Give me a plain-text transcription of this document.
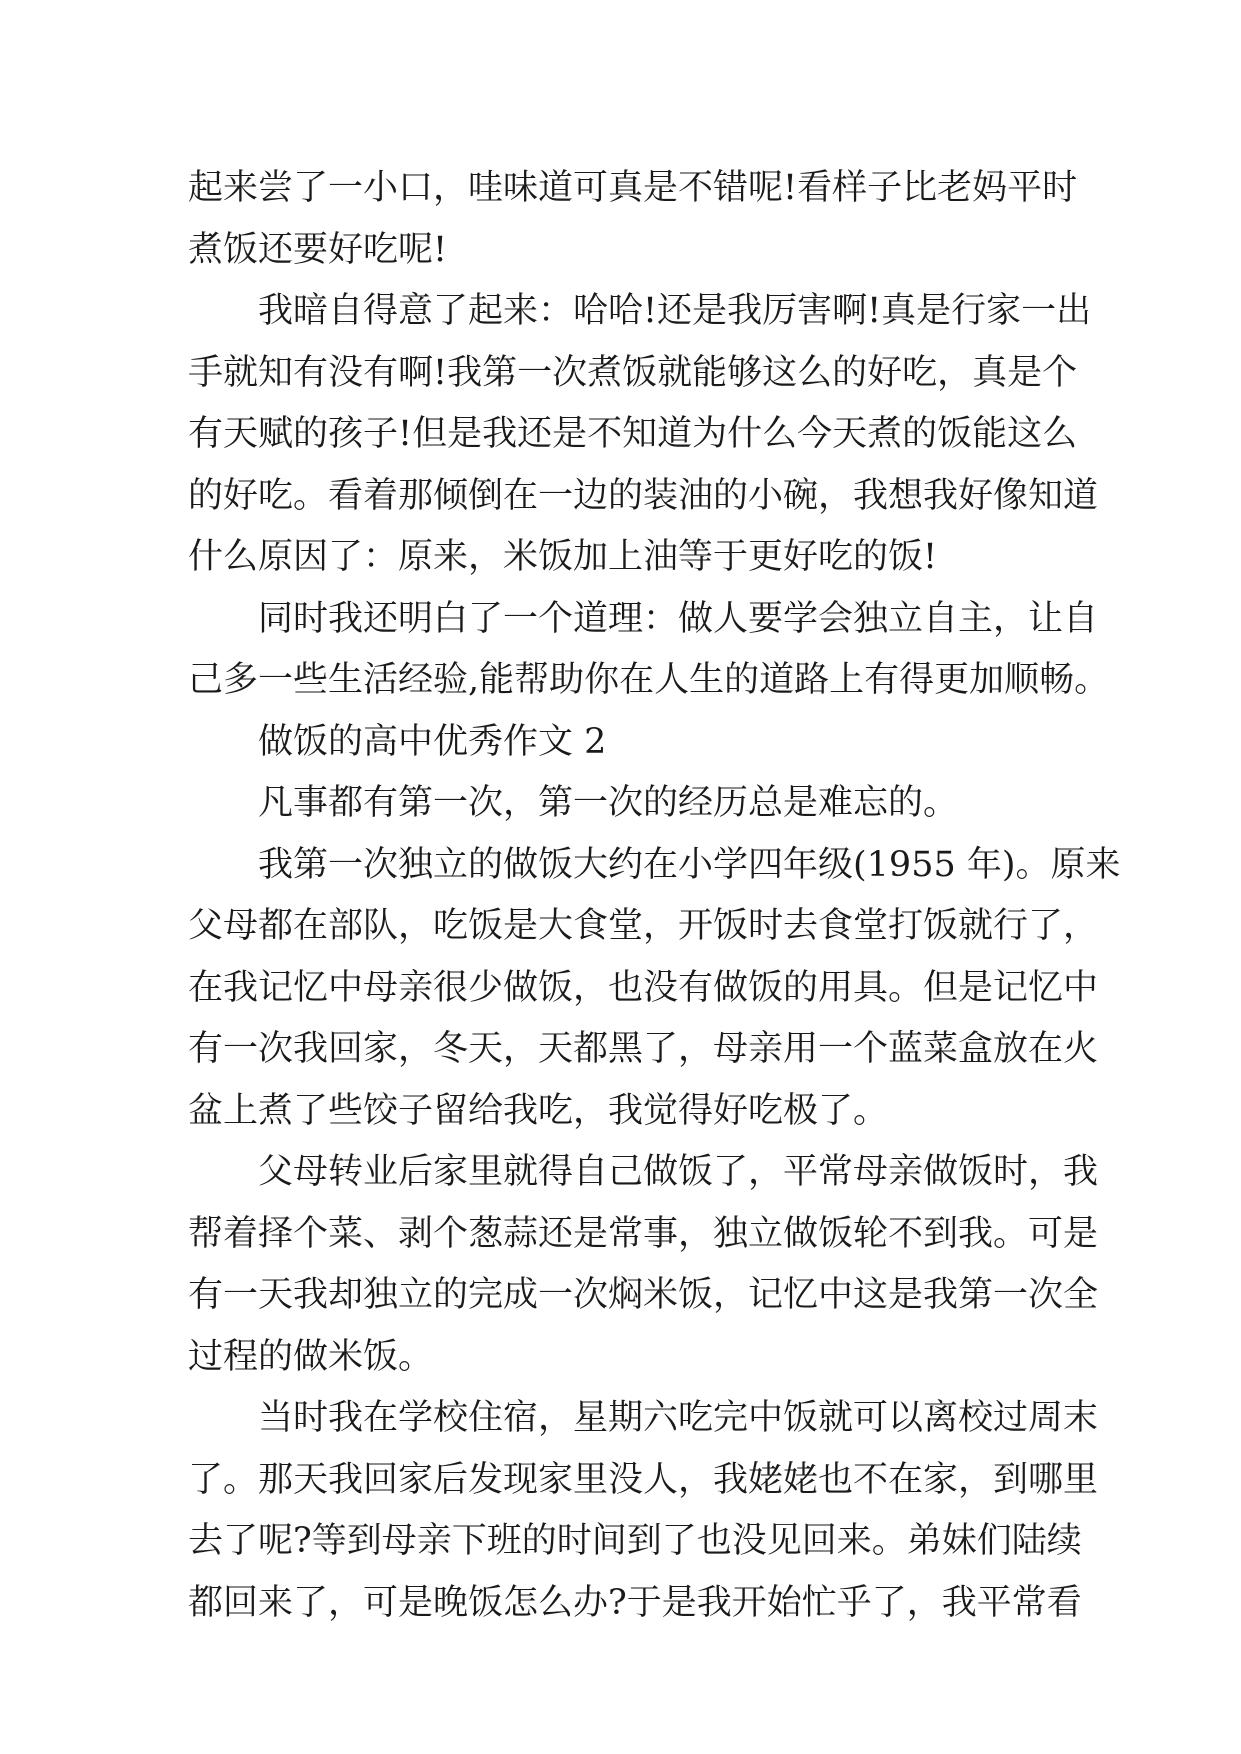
起来尝了一小口，哇味道可真是不错呢!看样子比老妈平时
煮饭还要好吃呢!
我暗自得意了起来：哈哈!还是我厉害啊!真是行家一出
手就知有没有啊!我第一次煮饭就能够这么的好吃，真是个
有天赋的孩子!但是我还是不知道为什么今天煮的饭能这么
的好吃。看着那倾倒在一边的装油的小碗，我想我好像知道
什么原因了：原来，米饭加上油等于更好吃的饭!
同时我还明白了一个道理：做人要学会独立自主，让自
己多一些生活经验,能帮助你在人生的道路上有得更加顺畅。
做饭的高中优秀作文 2
凡事都有第一次，第一次的经历总是难忘的。
我第一次独立的做饭大约在小学四年级(1955 年)。原来
父母都在部队，吃饭是大食堂，开饭时去食堂打饭就行了，
在我记忆中母亲很少做饭，也没有做饭的用具。但是记忆中
有一次我回家，冬天，天都黑了，母亲用一个蓝菜盒放在火
盆上煮了些饺子留给我吃，我觉得好吃极了。
父母转业后家里就得自己做饭了，平常母亲做饭时，我
帮着择个菜、剥个葱蒜还是常事，独立做饭轮不到我。可是
有一天我却独立的完成一次焖米饭，记忆中这是我第一次全
过程的做米饭。
当时我在学校住宿，星期六吃完中饭就可以离校过周末
了。那天我回家后发现家里没人，我姥姥也不在家，到哪里
去了呢?等到母亲下班的时间到了也没见回来。弟妹们陆续
都回来了，可是晚饭怎么办?于是我开始忙乎了，我平常看
